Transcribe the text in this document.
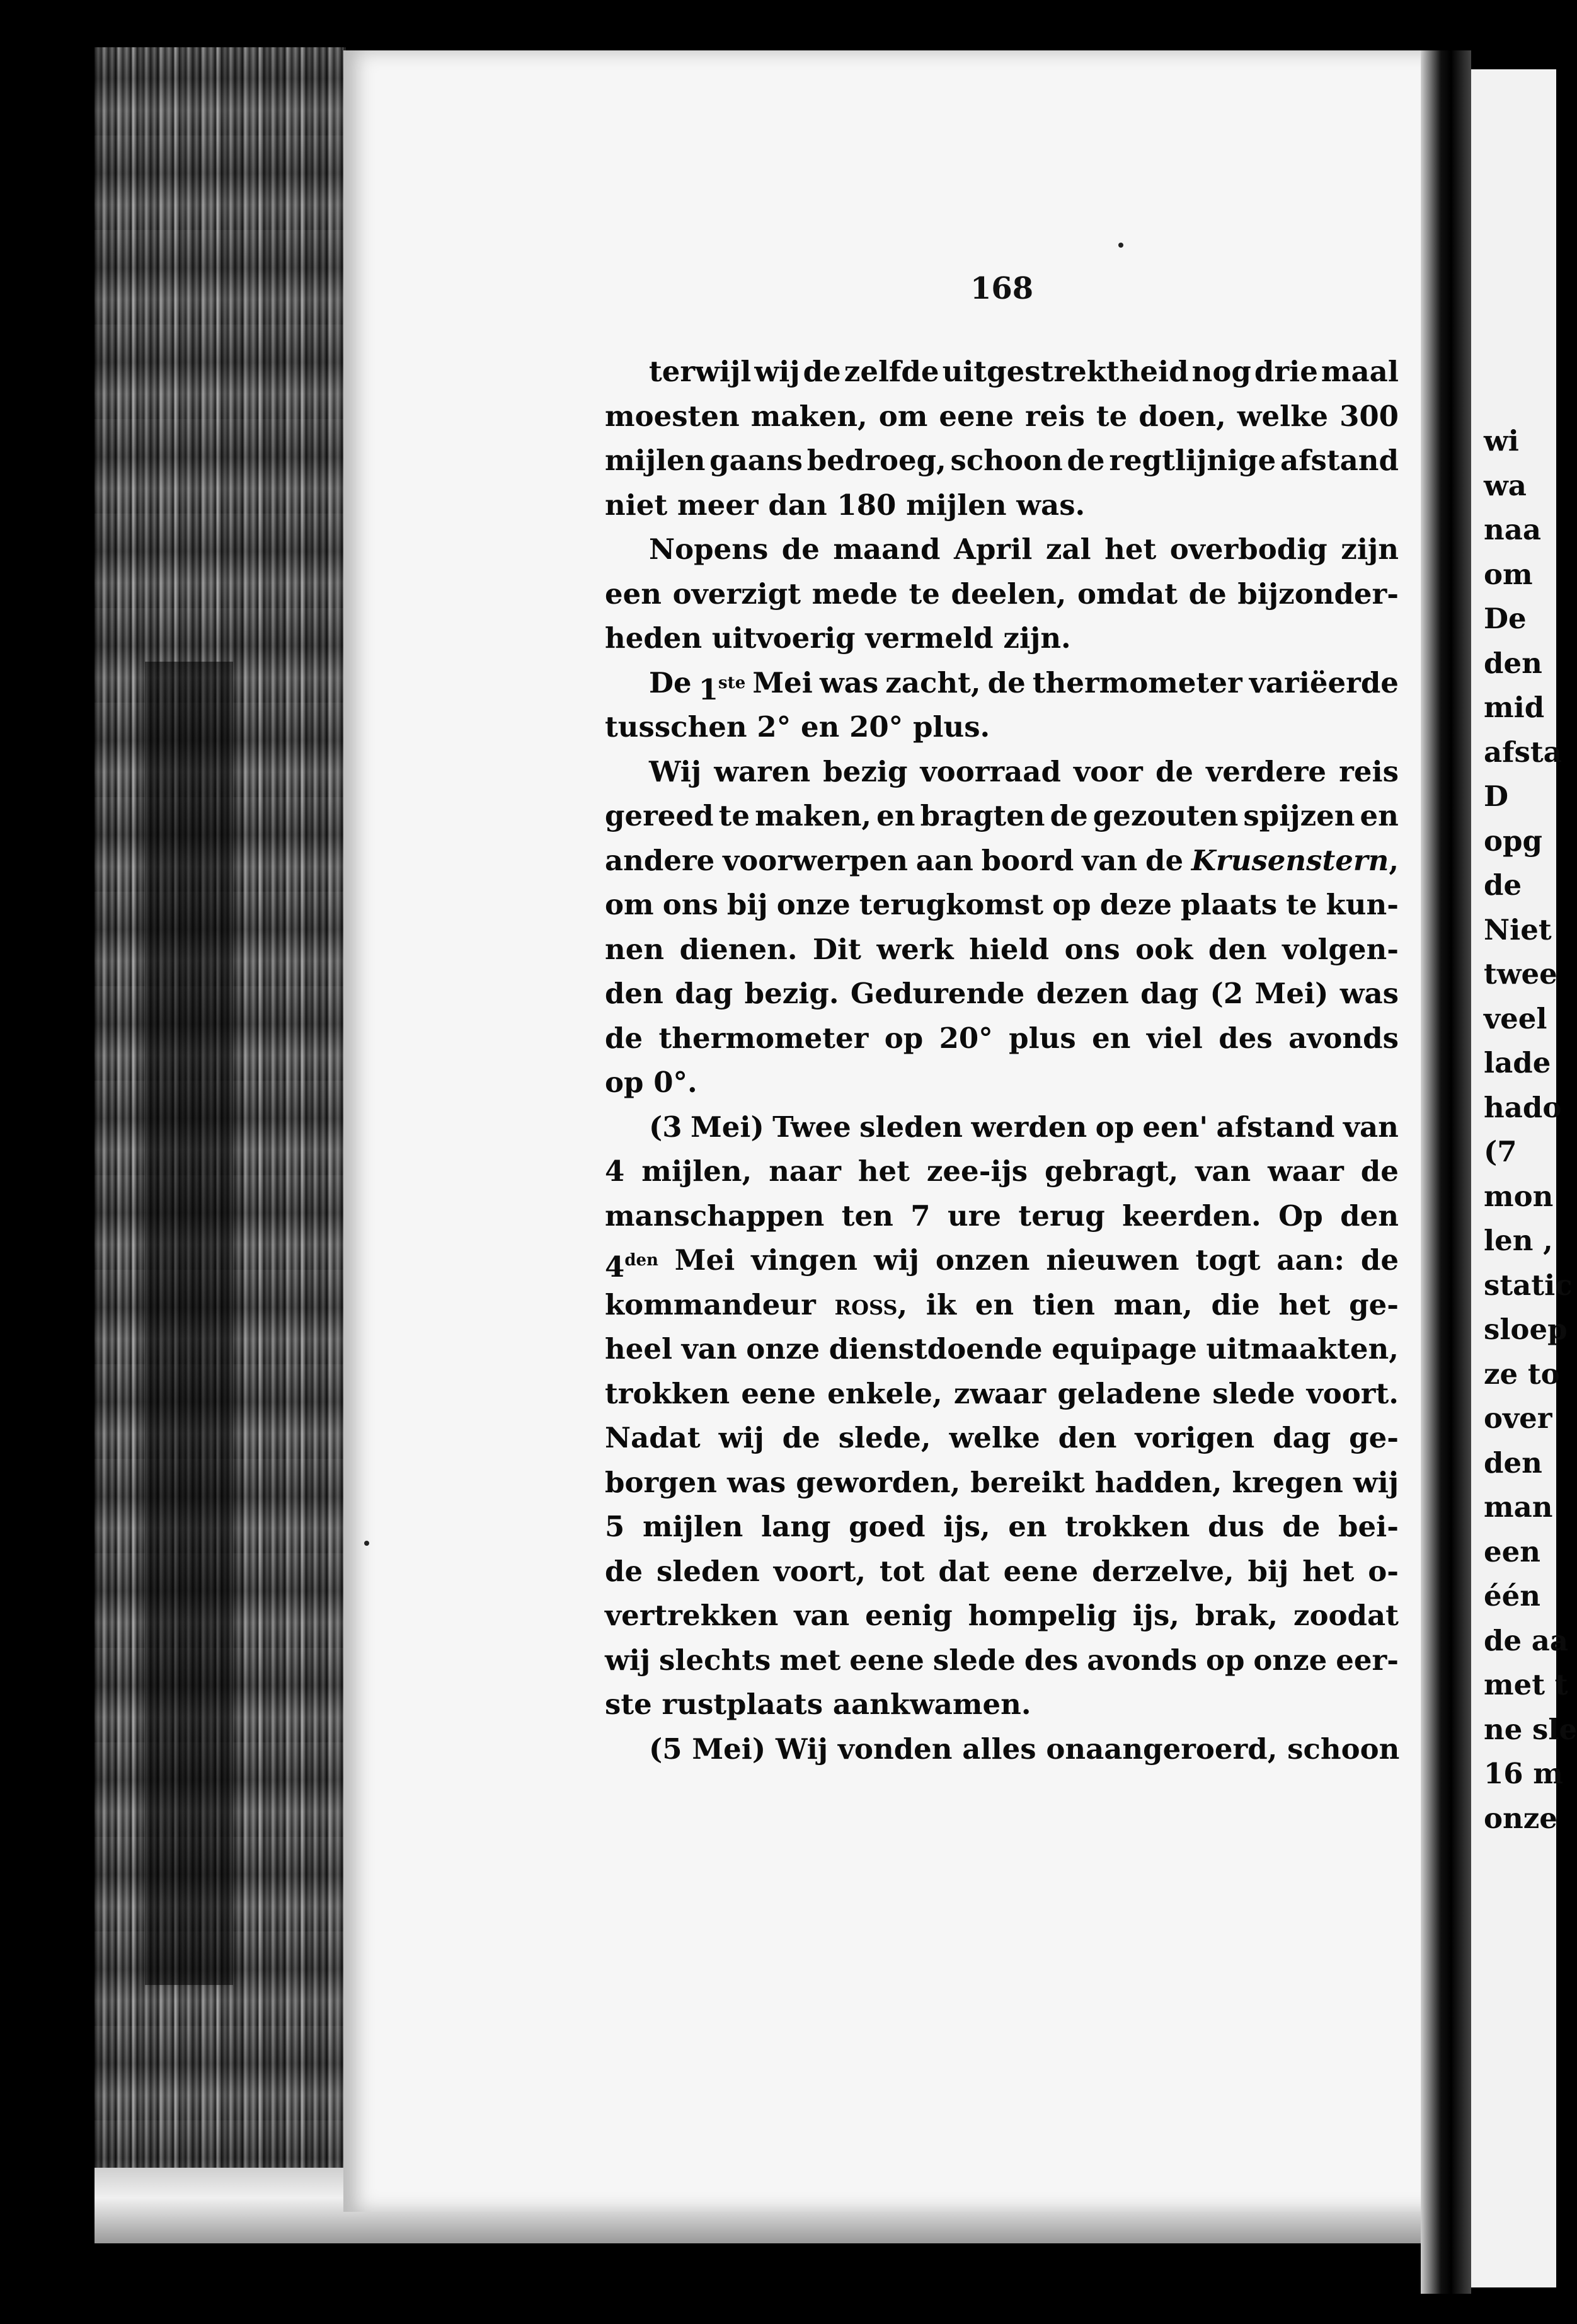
168
terwijl wij de zelfde uitgestrektheid nog drie maal
moesten maken, om eene reis te doen, welke 300
mijlen gaans bedroeg, schoon de regtlijnige afstand
niet meer dan 180 mijlen was.
Nopens de maand April zal het overbodig zijn
een overzigt mede te deelen, omdat de bijzonder-
heden uitvoerig vermeld zijn.
De 1ste Mei was zacht, de thermometer variëerde
tusschen 2° en 20° plus.
Wij waren bezig voorraad voor de verdere reis
gereed te maken, en bragten de gezouten spijzen en
andere voorwerpen aan boord van de Krusenstern,
om ons bij onze terugkomst op deze plaats te kun-
nen dienen. Dit werk hield ons ook den volgen-
den dag bezig. Gedurende dezen dag (2 Mei) was
de thermometer op 20° plus en viel des avonds
op 0°.
(3 Mei) Twee sleden werden op een' afstand van
4 mijlen, naar het zee-ijs gebragt, van waar de
manschappen ten 7 ure terug keerden. Op den
$4^{den}$ Mei vingen wij onzen nieuwen togt aan: de
kommandeur ross, ik en tien man, die het ge-
heel van onze dienstdoende equipage uitmaakten,
trokken eene enkele, zwaar geladene slede voort.
Nadat wij de slede, welke den vorigen dag ge-
borgen was geworden, bereikt hadden, kregen wij
5 mijlen lang goed ijs, en trokken dus de bei-
de sleden voort, tot dat eene derzelve, bij het o-
vertrekken van eenig hompelig ijs, brak, zoodat
wij slechts met eene slede des avonds op onze eer-
ste rustplaats aankwamen.
(5 Mei) Wij vonden alles onaangeroerd, schoon
wi
wa
naa
om
De
den
mid
afsta
D
opg
de
Niet
twee
veel
lade
hado
(7
mon
len ,
static
sloep
ze to
over
den
man
een
één
de aa
met t
ne sle
16 m
onze
